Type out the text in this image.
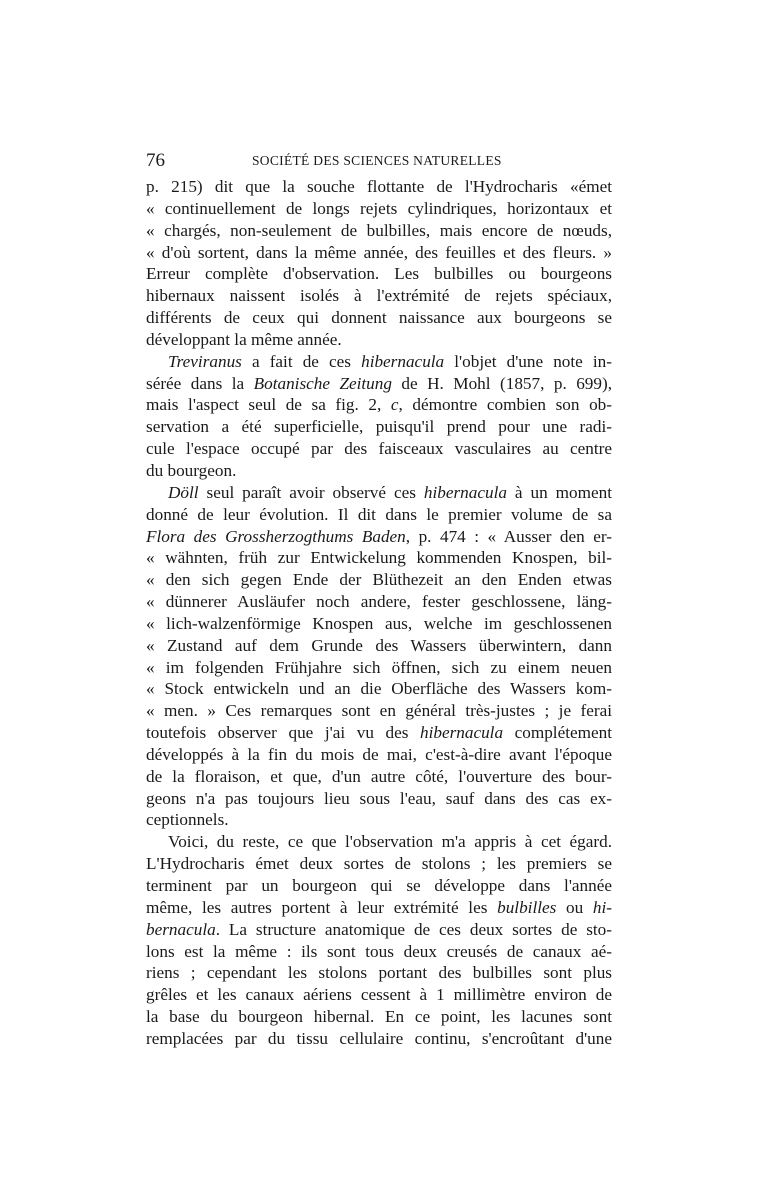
76	SOCIÉTÉ DES SCIENCES NATURELLES
p. 215) dit que la souche flottante de l'Hydrocharis «émet
« continuellement de longs rejets cylindriques, horizontaux et
« chargés, non-seulement de bulbilles, mais encore de nœuds,
« d'où sortent, dans la même année, des feuilles et des fleurs. »
Erreur complète d'observation. Les bulbilles ou bourgeons
hibernaux naissent isolés à l'extrémité de rejets spéciaux,
différents de ceux qui donnent naissance aux bourgeons se
développant la même année.
Treviranus a fait de ces hibernacula l'objet d'une note in-
sérée dans la Botanische Zeitung de H. Mohl (1857, p. 699),
mais l'aspect seul de sa fig. 2, c, démontre combien son ob-
servation a été superficielle, puisqu'il prend pour une radi-
cule l'espace occupé par des faisceaux vasculaires au centre
du bourgeon.
Döll seul paraît avoir observé ces hibernacula à un moment
donné de leur évolution. Il dit dans le premier volume de sa
Flora des Grossherzogthums Baden, p. 474 : « Ausser den er-
« wähnten, früh zur Entwickelung kommenden Knospen, bil-
« den sich gegen Ende der Blüthezeit an den Enden etwas
« dünnerer Ausläufer noch andere, fester geschlossene, läng-
« lich-walzenförmige Knospen aus, welche im geschlossenen
« Zustand auf dem Grunde des Wassers überwintern, dann
« im folgenden Frühjahre sich öffnen, sich zu einem neuen
« Stock entwickeln und an die Oberfläche des Wassers kom-
« men. » Ces remarques sont en général très-justes ; je ferai
toutefois observer que j'ai vu des hibernacula complétement
développés à la fin du mois de mai, c'est-à-dire avant l'époque
de la floraison, et que, d'un autre côté, l'ouverture des bour-
geons n'a pas toujours lieu sous l'eau, sauf dans des cas ex-
ceptionnels.
Voici, du reste, ce que l'observation m'a appris à cet égard.
L'Hydrocharis émet deux sortes de stolons ; les premiers se
terminent par un bourgeon qui se développe dans l'année
même, les autres portent à leur extrémité les bulbilles ou hi-
bernacula. La structure anatomique de ces deux sortes de sto-
lons est la même : ils sont tous deux creusés de canaux aé-
riens ; cependant les stolons portant des bulbilles sont plus
grêles et les canaux aériens cessent à 1 millimètre environ de
la base du bourgeon hibernal. En ce point, les lacunes sont
remplacées par du tissu cellulaire continu, s'encroûtant d'une
